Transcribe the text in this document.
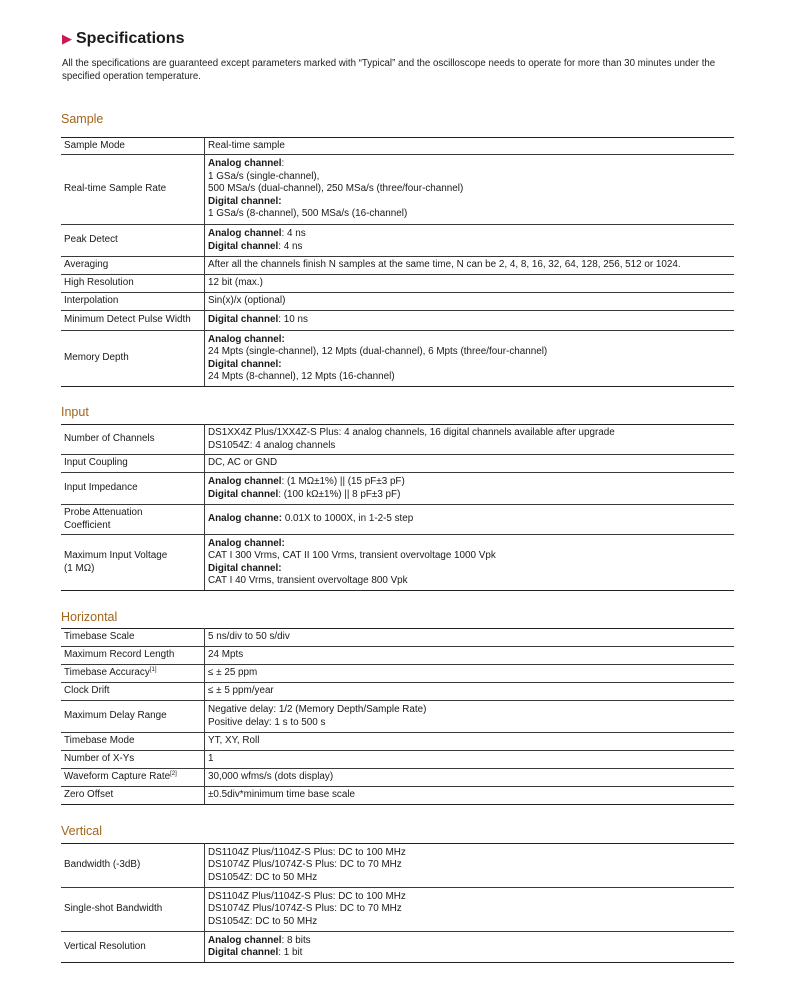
▶ Specifications
All the specifications are guaranteed except parameters marked with “Typical” and the oscilloscope needs to operate for more than 30 minutes under the specified operation temperature.
Sample
Sample Mode	Real-time sample
Real-time Sample Rate	Analog channel:
1 GSa/s (single-channel),
500 MSa/s (dual-channel), 250 MSa/s (three/four-channel)
Digital channel:
1 GSa/s (8-channel), 500 MSa/s (16-channel)
Peak Detect	Analog channel: 4 ns
Digital channel: 4 ns
Averaging	After all the channels finish N samples at the same time, N can be 2, 4, 8, 16, 32, 64, 128, 256, 512 or 1024.
High Resolution	12 bit (max.)
Interpolation	Sin(x)/x (optional)
Minimum Detect Pulse Width	Digital channel: 10 ns
Memory Depth	Analog channel:
24 Mpts (single-channel), 12 Mpts (dual-channel), 6 Mpts (three/four-channel)
Digital channel:
24 Mpts (8-channel), 12 Mpts (16-channel)
Input
Number of Channels	DS1XX4Z Plus/1XX4Z-S Plus: 4 analog channels, 16 digital channels available after upgrade
DS1054Z: 4 analog channels
Input Coupling	DC, AC or GND
Input Impedance	Analog channel: (1 MΩ±1%) || (15 pF±3 pF)
Digital channel: (100 kΩ±1%) || 8 pF±3 pF)
Probe Attenuation
Coefficient	Analog channe: 0.01X to 1000X, in 1-2-5 step
Maximum Input Voltage
(1 MΩ)	Analog channel:
CAT I 300 Vrms, CAT II 100 Vrms, transient overvoltage 1000 Vpk
Digital channel:
CAT I 40 Vrms, transient overvoltage 800 Vpk
Horizontal
Timebase Scale	5 ns/div to 50 s/div
Maximum Record Length	24 Mpts
Timebase Accuracy[1]	≤ ± 25 ppm
Clock Drift	≤ ± 5 ppm/year
Maximum Delay Range	Negative delay: 1/2 (Memory Depth/Sample Rate)
Positive delay: 1 s to 500 s
Timebase Mode	YT, XY, Roll
Number of X-Ys	1
Waveform Capture Rate[2]	30,000 wfms/s (dots display)
Zero Offset	±0.5div*minimum time base scale
Vertical
Bandwidth (-3dB)	DS1104Z Plus/1104Z-S Plus: DC to 100 MHz
DS1074Z Plus/1074Z-S Plus: DC to 70 MHz
DS1054Z: DC to 50 MHz
Single-shot Bandwidth	DS1104Z Plus/1104Z-S Plus: DC to 100 MHz
DS1074Z Plus/1074Z-S Plus: DC to 70 MHz
DS1054Z: DC to 50 MHz
Vertical Resolution	Analog channel: 8 bits
Digital channel: 1 bit
